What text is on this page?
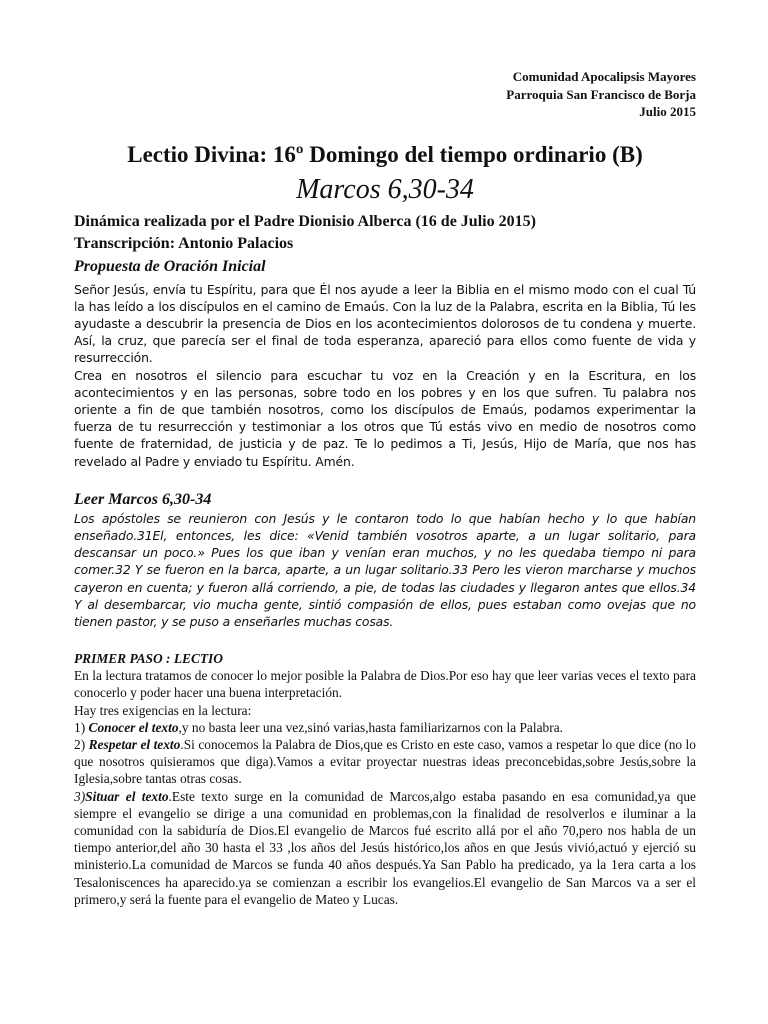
Comunidad Apocalipsis Mayores
Parroquia San Francisco de Borja
Julio 2015
Lectio Divina: 16º Domingo del tiempo ordinario (B)
Marcos 6,30-34
Dinámica realizada por el Padre Dionisio Alberca (16 de Julio 2015)
Transcripción: Antonio Palacios
Propuesta de Oración Inicial

Señor Jesús, envía tu Espíritu, para que Él nos ayude a leer la Biblia en el mismo modo con el cual Tú la has leído a los discípulos en el camino de Emaús. Con la luz de la Palabra, escrita en la Biblia, Tú les ayudaste a descubrir la presencia de Dios en los acontecimientos dolorosos de tu condena y muerte. Así, la cruz, que parecía ser el final de toda esperanza, apareció para ellos como fuente de vida y resurrección.

Crea en nosotros el silencio para escuchar tu voz en la Creación y en la Escritura, en los acontecimientos y en las personas, sobre todo en los pobres y en los que sufren. Tu palabra nos oriente a fin de que también nosotros, como los discípulos de Emaús, podamos experimentar la fuerza de tu resurrección y testimoniar a los otros que Tú estás vivo en medio de nosotros como fuente de fraternidad, de justicia y de paz. Te lo pedimos a Ti, Jesús, Hijo de María, que nos has revelado al Padre y enviado tu Espíritu. Amén.

Leer Marcos 6,30-34

Los apóstoles se reunieron con Jesús y le contaron todo lo que habían hecho y lo que habían enseñado.31El, entonces, les dice: «Venid también vosotros aparte, a un lugar solitario, para descansar un poco.» Pues los que iban y venían eran muchos, y no les quedaba tiempo ni para comer.32 Y se fueron en la barca, aparte, a un lugar solitario.33 Pero les vieron marcharse y muchos cayeron en cuenta; y fueron allá corriendo, a pie, de todas las ciudades y llegaron antes que ellos.34 Y al desembarcar, vio mucha gente, sintió compasión de ellos, pues estaban como ovejas que no tienen pastor, y se puso a enseñarles muchas cosas.

PRIMER PASO : LECTIO

En la lectura tratamos de conocer lo mejor posible la Palabra de Dios.Por eso hay que leer varias veces el texto para conocerlo y poder hacer una buena interpretación.

Hay tres exigencias en la lectura:

1) Conocer el texto,y no basta leer una vez,sinó varias,hasta familiarizarnos con la Palabra.

2) Respetar el texto.Si conocemos la Palabra de Dios,que es Cristo en este caso, vamos a respetar lo que dice (no lo que nosotros quisieramos que diga).Vamos a evitar proyectar nuestras ideas preconcebidas,sobre Jesús,sobre la Iglesia,sobre tantas otras cosas.

3)Situar el texto.Este texto surge en la comunidad de Marcos,algo estaba pasando en esa comunidad,ya que siempre el evangelio se dirige a una comunidad en problemas,con la finalidad de resolverlos e iluminar a la comunidad con la sabiduría de Dios.El evangelio de Marcos fué escrito allá por el año 70,pero nos habla de un tiempo anterior,del año 30 hasta el 33 ,los años del Jesús histórico,los años en que Jesús vivió,actuó y ejerció su ministerio.La comunidad de Marcos se funda 40 años después.Ya San Pablo ha predicado, ya la 1era carta a los Tesaloniscences ha aparecido.ya se comienzan a escribir los evangelios.El evangelio de San Marcos va a ser el primero,y será la fuente para el evangelio de Mateo y Lucas.
